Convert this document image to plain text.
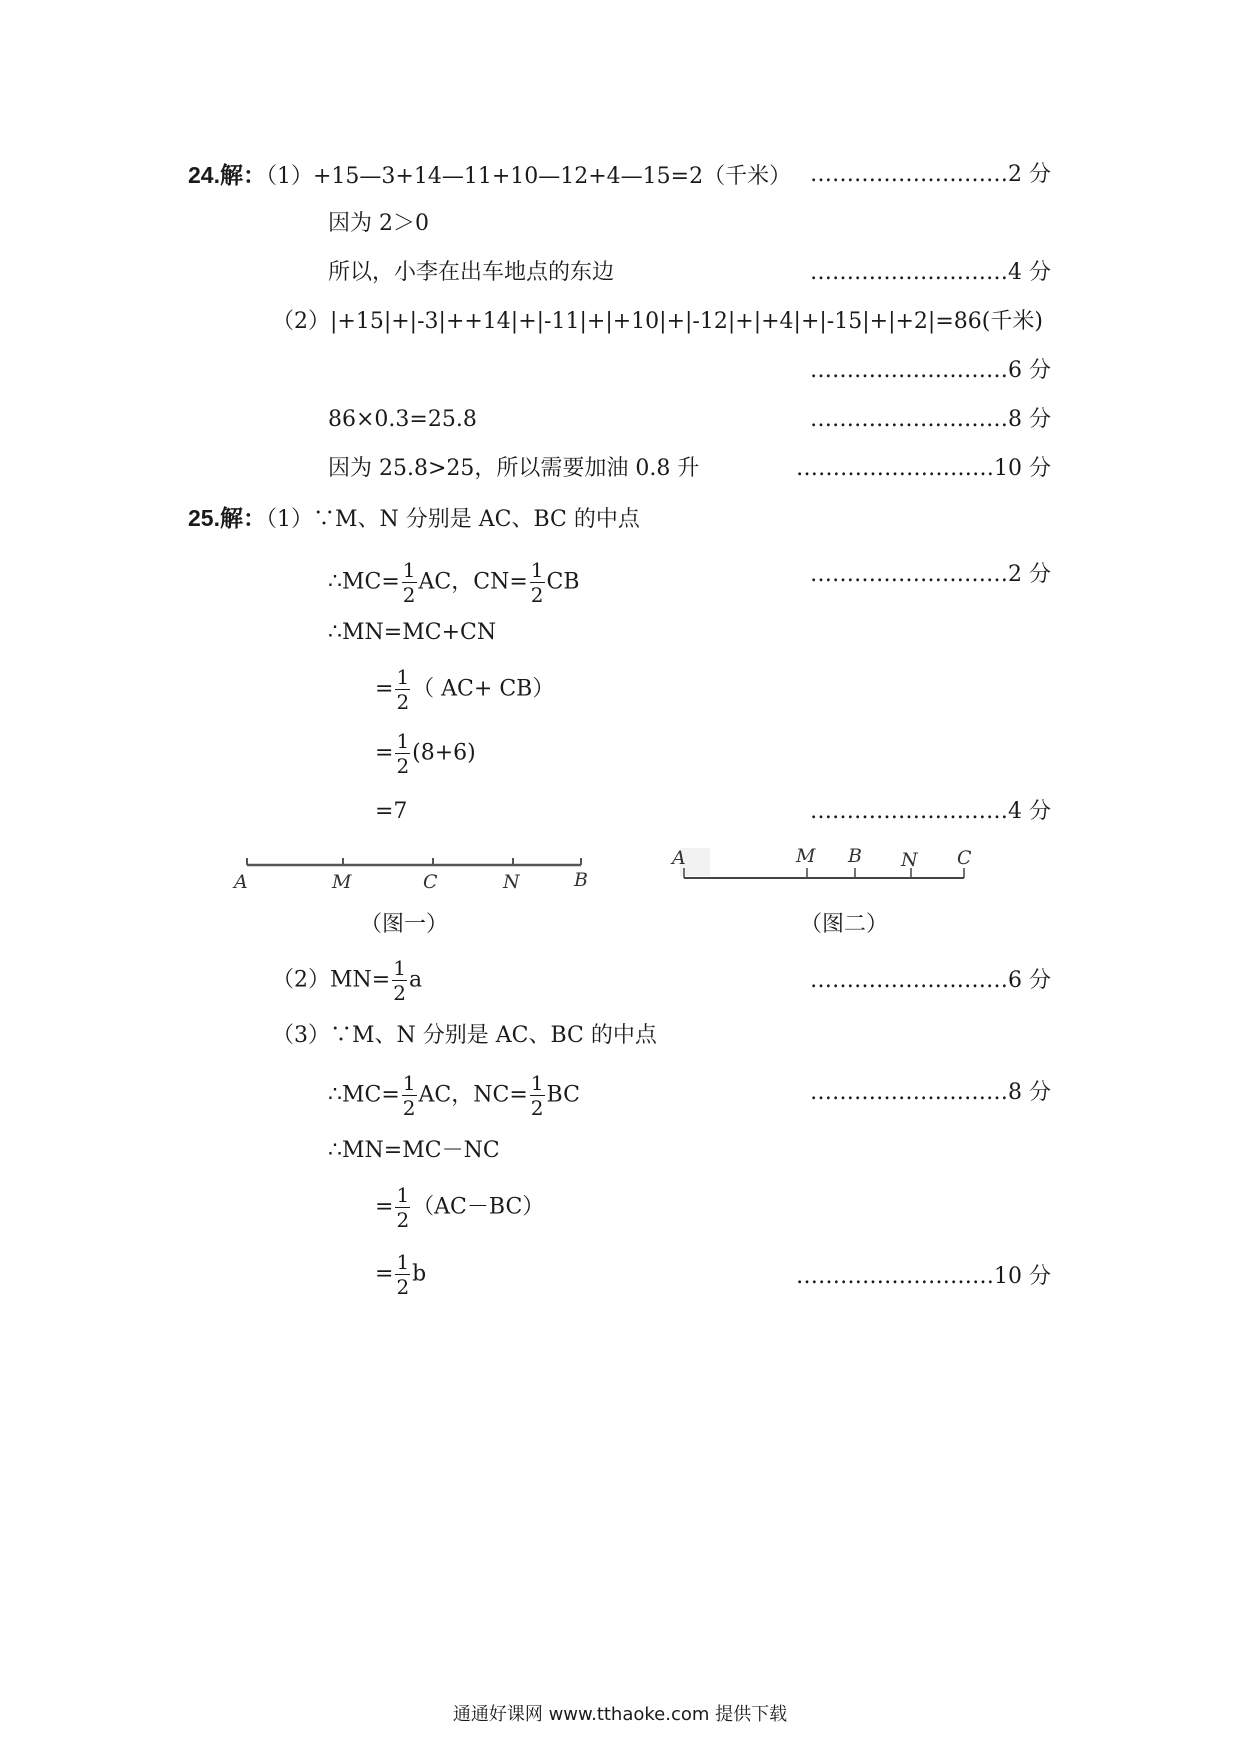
24.解：（1）+15—3+14—11+10—12+4—15=2（千米） ………………………2 分
因为 2＞0
所以，小李在出车地点的东边	………………………4 分
（2）|+15|+|-3|++14|+|-11|+|+10|+|-12|+|+4|+|-15|+|+2|=86(千米)
………………………6 分
86×0.3=25.8	………………………8 分
因为 25.8>25，所以需要加油 0.8 升	………………………10 分
25.解：（1）∵M、N 分别是 AC、BC 的中点
∴MC= $\frac{1}{2}$ AC，$CN= \frac{1}{2}$ CB	………………………2 分
∴MN=MC+CN
= $\frac{1}{2}$ （ AC+ CB）
= $\frac{1}{2} (8+6)$
=7	………………………4 分
A	M	C	N	B
（图一）
A	M B N C
（图二）
$(2)MN= \frac{1}{2}$ a	………………………6 分
（3）∵M、N 分别是 AC、BC 的中点
∴MC= $\frac{1}{2}$ AC，$NC= \frac{1}{2}$ BC	………………………8 分
∴MN=MC－NC
= $\frac{1}{2} (AC-BC)$
= $\frac{1}{2}$ b	………………………10 分
通通好课网 www.tthaoke.com 提供下载
